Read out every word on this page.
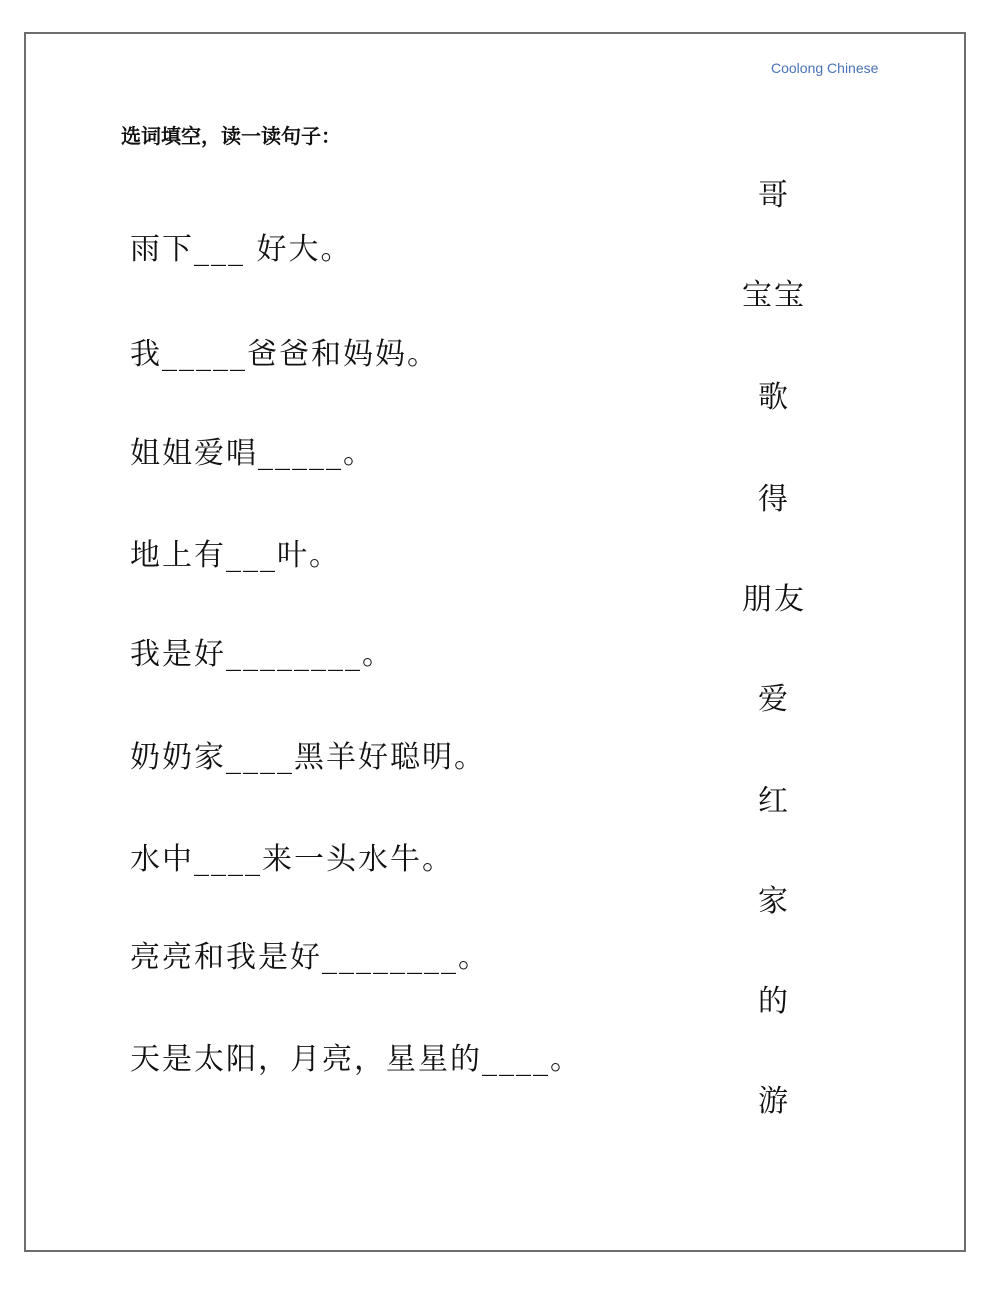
Coolong Chinese
选词填空，读一读句子：
雨下___ 好大。
我_____爸爸和妈妈。
姐姐爱唱_____。
地上有___叶。
我是好________。
奶奶家____黑羊好聪明。
水中____来一头水牛。
亮亮和我是好________。
天是太阳，月亮，星星的____。
哥
宝宝
歌
得
朋友
爱
红
家
的
游
